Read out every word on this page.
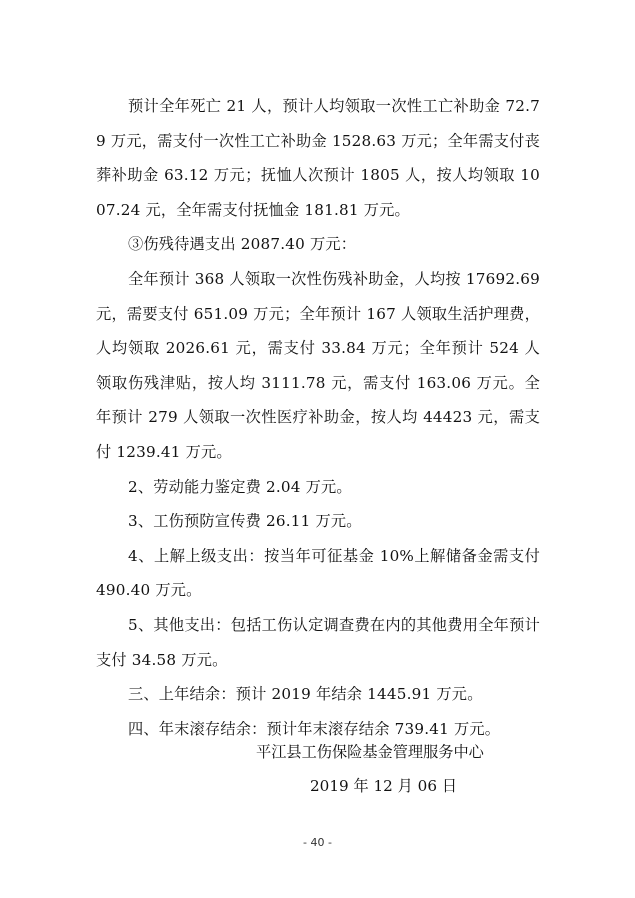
预计全年死亡 21 人，预计人均领取一次性工亡补助金 72.79 万元，需支付一次性工亡补助金 1528.63 万元；全年需支付丧葬补助金 63.12 万元；抚恤人次预计 1805 人，按人均领取 1007.24 元，全年需支付抚恤金 181.81 万元。

③伤残待遇支出 2087.40 万元：

全年预计 368 人领取一次性伤残补助金，人均按 17692.69 元，需要支付 651.09 万元；全年预计 167 人领取生活护理费，人均领取 2026.61 元，需支付 33.84 万元；全年预计 524 人领取伤残津贴，按人均 3111.78 元，需支付 163.06 万元。全年预计 279 人领取一次性医疗补助金，按人均 44423 元，需支付 1239.41 万元。

2、劳动能力鉴定费 2.04 万元。

3、工伤预防宣传费 26.11 万元。

4、上解上级支出：按当年可征基金 10%上解储备金需支付 490.40 万元。

5、其他支出：包括工伤认定调查费在内的其他费用全年预计支付 34.58 万元。

三、上年结余：预计 2019 年结余 1445.91 万元。

四、年末滚存结余：预计年末滚存结余 739.41 万元。

平江县工伤保险基金管理服务中心

2019 年 12 月 06 日

- 40 -
